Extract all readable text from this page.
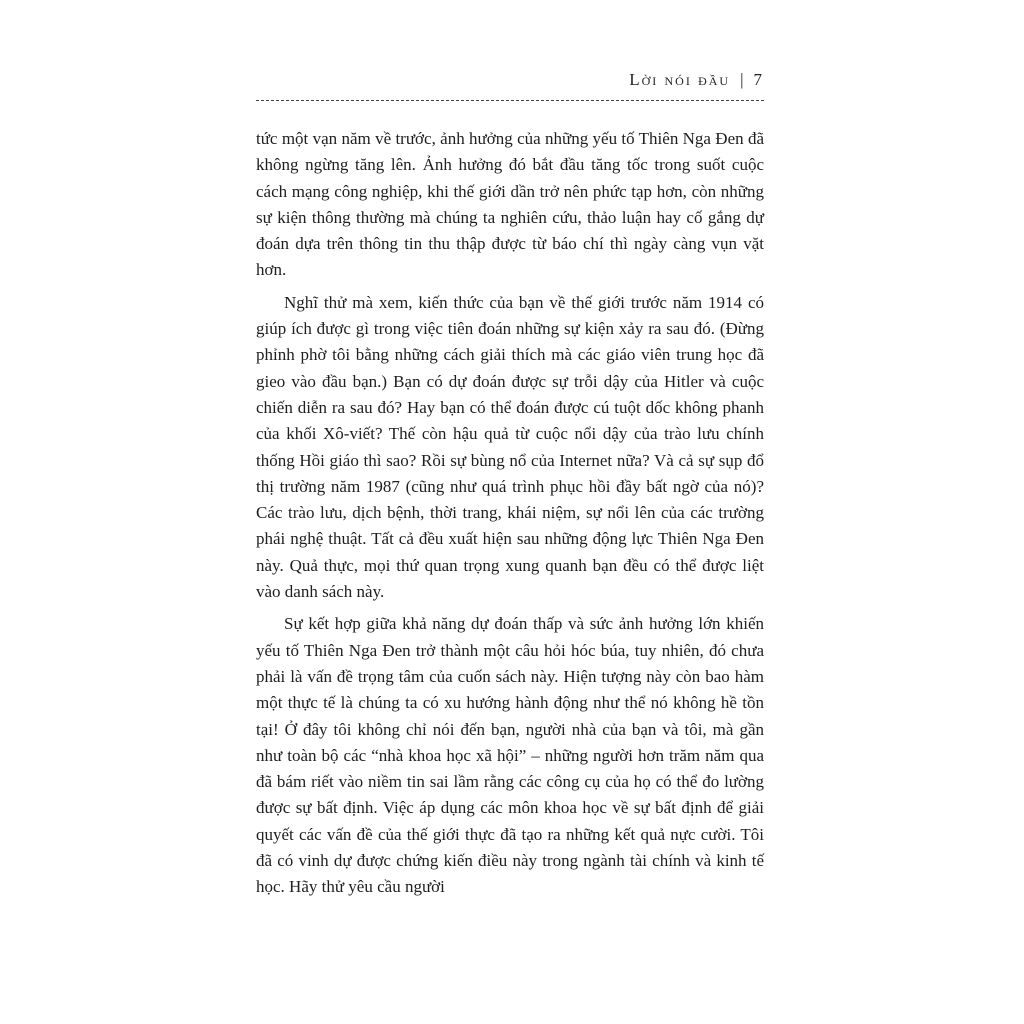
Lời nói đầu | 7

tức một vạn năm về trước, ảnh hưởng của những yếu tố Thiên Nga Đen đã không ngừng tăng lên. Ảnh hưởng đó bắt đầu tăng tốc trong suốt cuộc cách mạng công nghiệp, khi thế giới dần trở nên phức tạp hơn, còn những sự kiện thông thường mà chúng ta nghiên cứu, thảo luận hay cố gắng dự đoán dựa trên thông tin thu thập được từ báo chí thì ngày càng vụn vặt hơn.

Nghĩ thử mà xem, kiến thức của bạn về thế giới trước năm 1914 có giúp ích được gì trong việc tiên đoán những sự kiện xảy ra sau đó. (Đừng phỉnh phờ tôi bằng những cách giải thích mà các giáo viên trung học đã gieo vào đầu bạn.) Bạn có dự đoán được sự trỗi dậy của Hitler và cuộc chiến diễn ra sau đó? Hay bạn có thể đoán được cú tuột dốc không phanh của khối Xô-viết? Thế còn hậu quả từ cuộc nổi dậy của trào lưu chính thống Hồi giáo thì sao? Rồi sự bùng nổ của Internet nữa? Và cả sự sụp đổ thị trường năm 1987 (cũng như quá trình phục hồi đầy bất ngờ của nó)? Các trào lưu, dịch bệnh, thời trang, khái niệm, sự nổi lên của các trường phái nghệ thuật. Tất cả đều xuất hiện sau những động lực Thiên Nga Đen này. Quả thực, mọi thứ quan trọng xung quanh bạn đều có thể được liệt vào danh sách này.

Sự kết hợp giữa khả năng dự đoán thấp và sức ảnh hưởng lớn khiến yếu tố Thiên Nga Đen trở thành một câu hỏi hóc búa, tuy nhiên, đó chưa phải là vấn đề trọng tâm của cuốn sách này. Hiện tượng này còn bao hàm một thực tế là chúng ta có xu hướng hành động như thể nó không hề tồn tại! Ở đây tôi không chỉ nói đến bạn, người nhà của bạn và tôi, mà gần như toàn bộ các “nhà khoa học xã hội” – những người hơn trăm năm qua đã bám riết vào niềm tin sai lầm rằng các công cụ của họ có thể đo lường được sự bất định. Việc áp dụng các môn khoa học về sự bất định để giải quyết các vấn đề của thế giới thực đã tạo ra những kết quả nực cười. Tôi đã có vinh dự được chứng kiến điều này trong ngành tài chính và kinh tế học. Hãy thử yêu cầu người
